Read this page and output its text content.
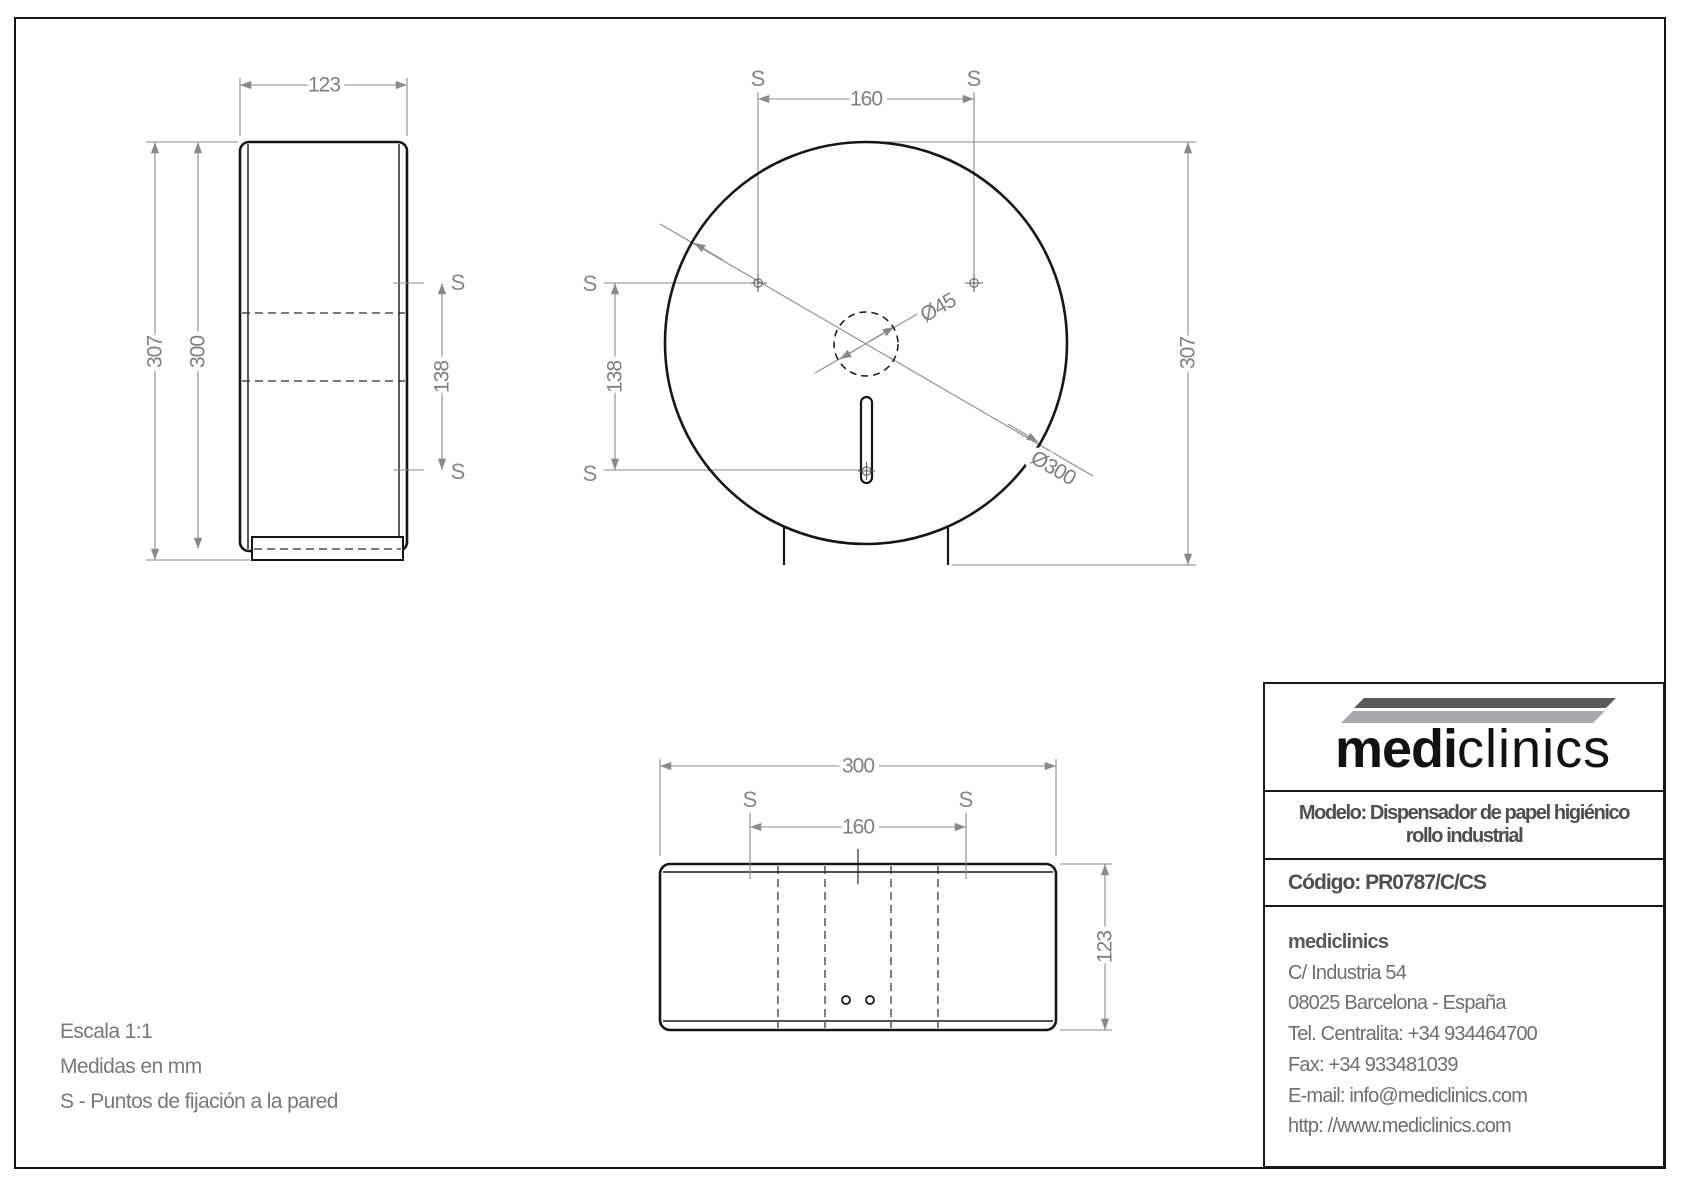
123
307 300
138
S
S
160
S	S
138
S
S
307
Ø45
Ø300
300
160
S	S
123
Escala 1:1
Medidas en mm
S - Puntos de fijación a la pared
mediclinics
Modelo: Dispensador de papel higiénico
rollo industrial
Código: PR0787/C/CS
mediclinics
C/ Industria 54
08025 Barcelona - España
Tel. Centralita: +34 934464700
Fax: +34 933481039
E-mail: info@mediclinics.com
http: //www.mediclinics.com
